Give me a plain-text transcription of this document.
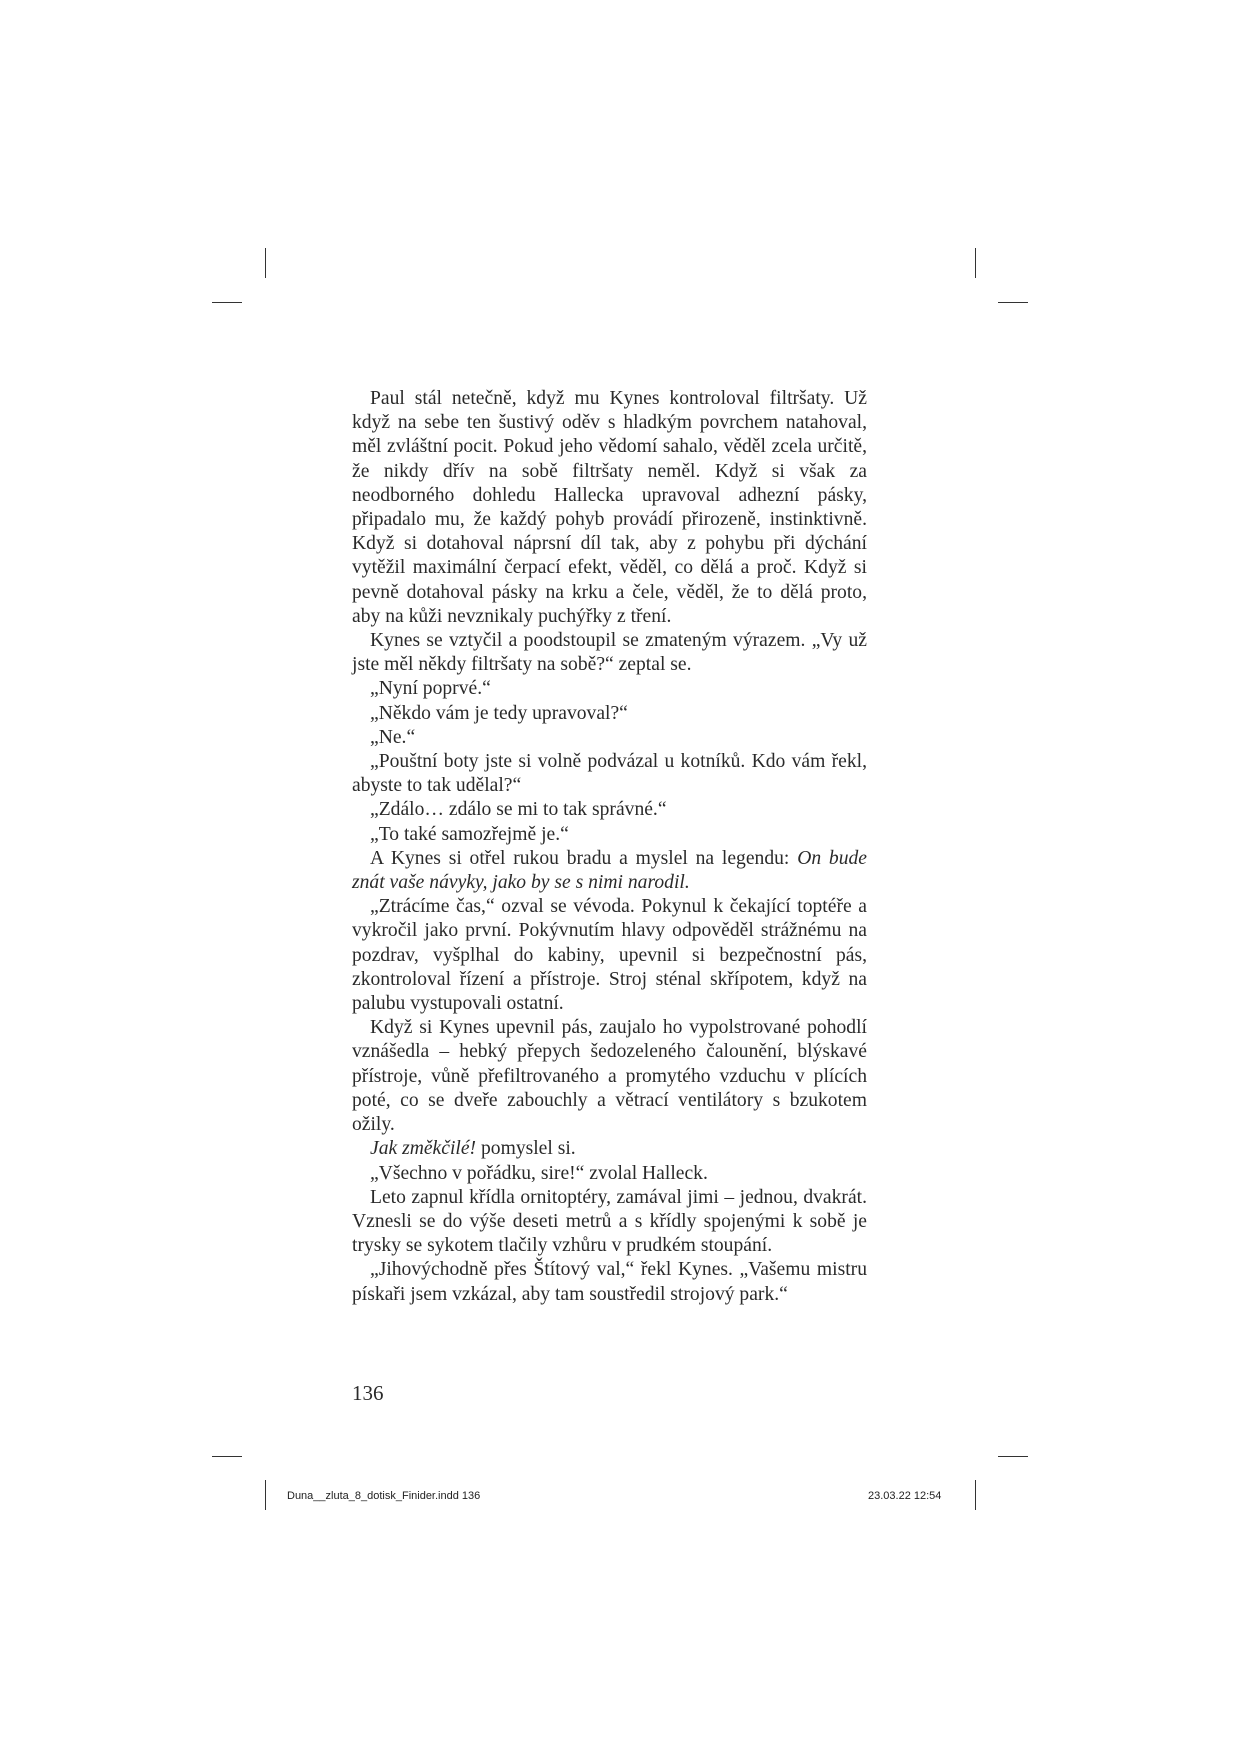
Paul stál netečně, když mu Kynes kontroloval filtršaty. Už když na sebe ten šustivý oděv s hladkým povrchem natahoval, měl zvláštní pocit. Pokud jeho vědomí sahalo, věděl zcela určitě, že nikdy dřív na sobě filtršaty neměl. Když si však za neodborného dohledu Hallecka upravoval adhezní pásky, připadalo mu, že každý pohyb provádí přirozeně, instinktivně. Když si dotahoval náprsní díl tak, aby z pohybu při dýchání vytěžil maximální čerpací efekt, věděl, co dělá a proč. Když si pevně dotahoval pásky na krku a čele, věděl, že to dělá proto, aby na kůži nevznikaly puchýřky z tření.

Kynes se vztyčil a poodstoupil se zmateným výrazem. „Vy už jste měl někdy filtršaty na sobě?“ zeptal se.

„Nyní poprvé.“

„Někdo vám je tedy upravoval?“

„Ne.“

„Pouštní boty jste si volně podvázal u kotníků. Kdo vám řekl, abyste to tak udělal?“

„Zdálo… zdálo se mi to tak správné.“

„To také samozřejmě je.“

A Kynes si otřel rukou bradu a myslel na legendu: On bude znát vaše návyky, jako by se s nimi narodil.

„Ztrácíme čas,“ ozval se vévoda. Pokynul k čekající toptéře a vykročil jako první. Pokývnutím hlavy odpověděl strážnému na pozdrav, vyšplhal do kabiny, upevnil si bezpečnostní pás, zkontroloval řízení a přístroje. Stroj sténal skřípotem, když na palubu vystupovali ostatní.

Když si Kynes upevnil pás, zaujalo ho vypolstrované pohodlí vznášedla – hebký přepych šedozeleného čalounění, blýskavé přístroje, vůně přefiltrovaného a promytého vzduchu v plících poté, co se dveře zabouchly a větrací ventilátory s bzukotem ožily.

Jak změkčilé! pomyslel si.

„Všechno v pořádku, sire!“ zvolal Halleck.

Leto zapnul křídla ornitoptéry, zamával jimi – jednou, dvakrát. Vznesli se do výše deseti metrů a s křídly spojenými k sobě je trysky se sykotem tlačily vzhůru v prudkém stoupání.

„Jihovýchodně přes Štítový val,“ řekl Kynes. „Vašemu mistru pískaři jsem vzkázal, aby tam soustředil strojový park.“

136
Duna__zluta_8_dotisk_Finider.indd 136	23.03.22 12:54
